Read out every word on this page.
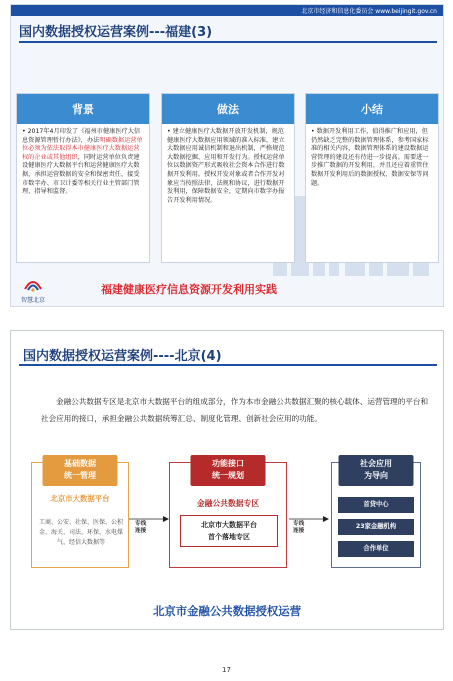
北京市经济和信息化委员会 www.beijingit.gov.cn
国内数据授权运营案例---福建(3)
背景
• 2017年4月印发了《福州市健康医疗大信息资源管理暂行办法》，办法明确数据运营单位必须为依法取得本市健康医疗大数据运营权的企业或其他组织，同时运营单位负责建设健康医疗大数据平台和运营健康医疗大数据，承担运营数据的安全和保密责任，接受市数字办、市卫计委等相关行业主管部门管理、指导和监督。
做法
• 建立健康医疗大数据开放开发机制，规范健康医疗大数据应用领域的准入标准，建立大数据应用诚信机制和退出机制，严格规范大数据挖掘、应用和开发行为。授权运营单位以数据资产形式吸收社会资本合作进行数据开发利用。授权开发对象或者合作开发对象应当按照法律、法规和协议，进行数据开发利用，保障数据安全，定期向市数字办报告开发利用情况。
小结
• 数据开发利用工作，值得推广和应用，但仍然缺乏完整的数据管理体系，参考国家标准的相关内容，数据管理体系的建设数据运营管理的建设还有待进一步提高。需要进一步推广数据的开发利用，并且还应着重管住数据开发利用后的数据授权、数据安保等问题。
智慧北京
福建健康医疗信息资源开发利用实践
国内数据授权运营案例----北京(4)
金融公共数据专区是北京市大数据平台的组成部分，作为本市金融公共数据汇聚的核心载体、运营管理的平台和社会应用的接口，承担金融公共数据统筹汇总、制度化管理、创新社会应用的功能。
基础数据
统一管理
北京市大数据平台
工商、公安、社保、医保、公积金、海关、司法、环保、水电煤气、经信大数据等
专线
连接
功能接口
统一规划
金融公共数据专区
北京市大数据平台
首个落地专区
专线
连接
社会应用
为导向
首贷中心
23家金融机构
合作单位
北京市金融公共数据授权运营
17
